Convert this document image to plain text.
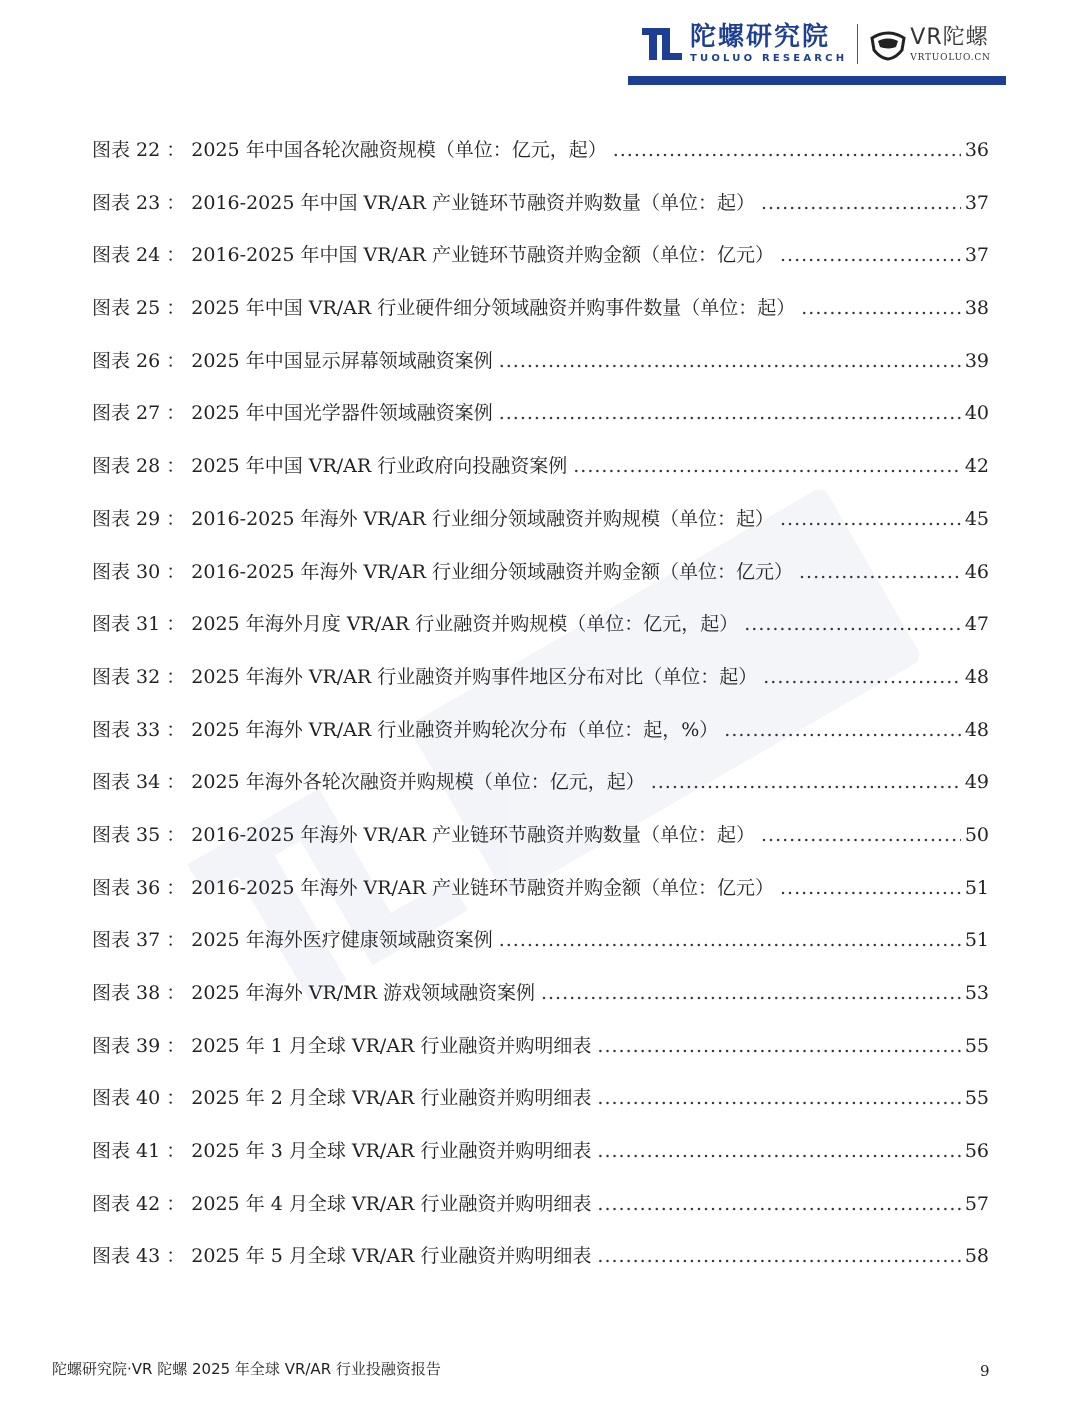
陀螺研究院
TUOLUO RESEARCH
VR陀螺
VRTUOLUO.CN
图表 22 ： 2025 年中国各轮次融资规模（单位：亿元，起） .....	36
图表 23 ： 2016-2025 年中国 VR/AR 产业链环节融资并购数量（单位：起） .....	37
图表 24 ： 2016-2025 年中国 VR/AR 产业链环节融资并购金额（单位：亿元） .....	37
图表 25 ： 2025 年中国 VR/AR 行业硬件细分领域融资并购事件数量（单位：起） .....	38
图表 26 ： 2025 年中国显示屏幕领域融资案例 .....	39
图表 27 ： 2025 年中国光学器件领域融资案例 .....	40
图表 28 ： 2025 年中国 VR/AR 行业政府向投融资案例 .....	42
图表 29 ： 2016-2025 年海外 VR/AR 行业细分领域融资并购规模（单位：起） .....	45
图表 30 ： 2016-2025 年海外 VR/AR 行业细分领域融资并购金额（单位：亿元） .....	46
图表 31 ： 2025 年海外月度 VR/AR 行业融资并购规模（单位：亿元，起） .....	47
图表 32 ： 2025 年海外 VR/AR 行业融资并购事件地区分布对比（单位：起） .....	48
图表 33 ： 2025 年海外 VR/AR 行业融资并购轮次分布（单位：起，%） .....	48
图表 34 ： 2025 年海外各轮次融资并购规模（单位：亿元，起） .....	49
图表 35 ： 2016-2025 年海外 VR/AR 产业链环节融资并购数量（单位：起） .....	50
图表 36 ： 2016-2025 年海外 VR/AR 产业链环节融资并购金额（单位：亿元） .....	51
图表 37 ： 2025 年海外医疗健康领域融资案例 .....	51
图表 38 ： 2025 年海外 VR/MR 游戏领域融资案例 .....	53
图表 39 ： 2025 年 1 月全球 VR/AR 行业融资并购明细表 .....	55
图表 40 ： 2025 年 2 月全球 VR/AR 行业融资并购明细表 .....	55
图表 41 ： 2025 年 3 月全球 VR/AR 行业融资并购明细表 .....	56
图表 42 ： 2025 年 4 月全球 VR/AR 行业融资并购明细表 .....	57
图表 43 ： 2025 年 5 月全球 VR/AR 行业融资并购明细表 .....	58
陀螺研究院·VR 陀螺 2025 年全球 VR/AR 行业投融资报告	9
